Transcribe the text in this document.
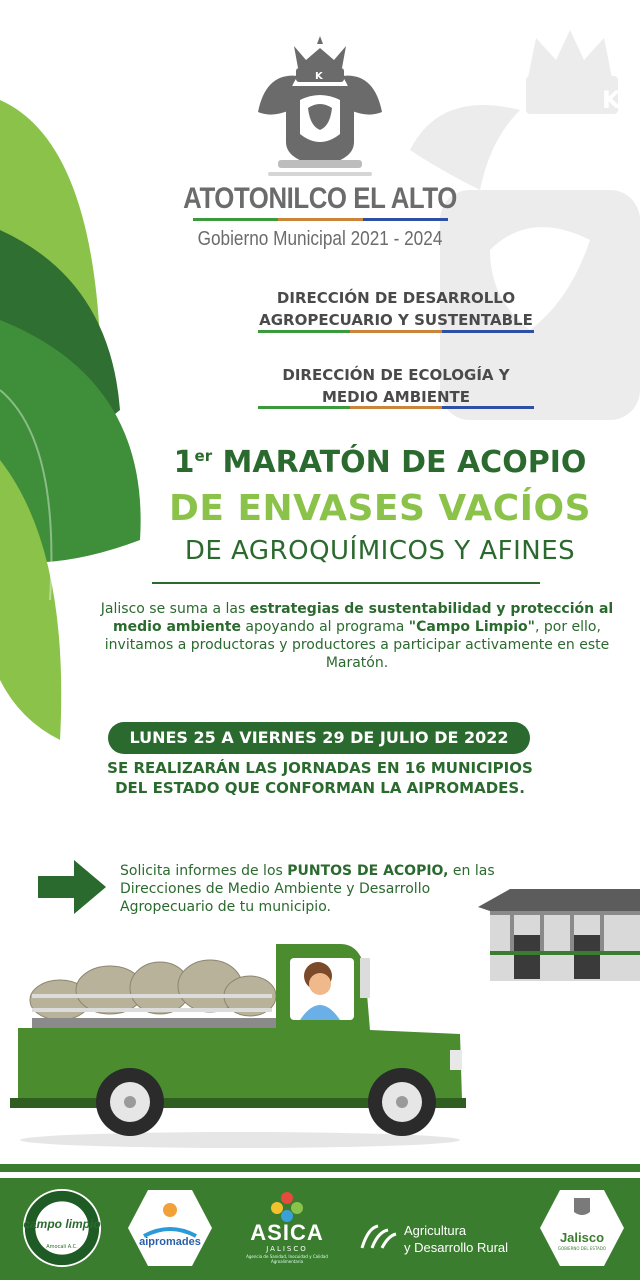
K
K
ATOTONILCO EL ALTO
Gobierno Municipal 2021 - 2024
DIRECCIÓN DE DESARROLLO
AGROPECUARIO Y SUSTENTABLE
DIRECCIÓN DE ECOLOGÍA Y
MEDIO AMBIENTE
1er MARATÓN DE ACOPIO
DE ENVASES VACÍOS
DE AGROQUÍMICOS Y AFINES
Jalisco se suma a las estrategias de sustentabilidad y protección al medio ambiente apoyando al programa "Campo Limpio", por ello, invitamos a productoras y productores a participar activamente en este Maratón.
LUNES 25 A VIERNES 29 DE JULIO DE 2022
SE REALIZARÁN LAS JORNADAS EN 16 MUNICIPIOS
DEL ESTADO QUE CONFORMAN LA AIPROMADES.
Solicita informes de los PUNTOS DE ACOPIO, en las Direcciones de Medio Ambiente y Desarrollo Agropecuario de tu municipio.
campo limpio
Amocali A.C.	aipromades	ASICA
JALISCO
Agencia de Sanidad, Inocuidad y Calidad Agroalimentaria
Agricultura
y Desarrollo Rural
Jalisco
GOBIERNO DEL ESTADO
